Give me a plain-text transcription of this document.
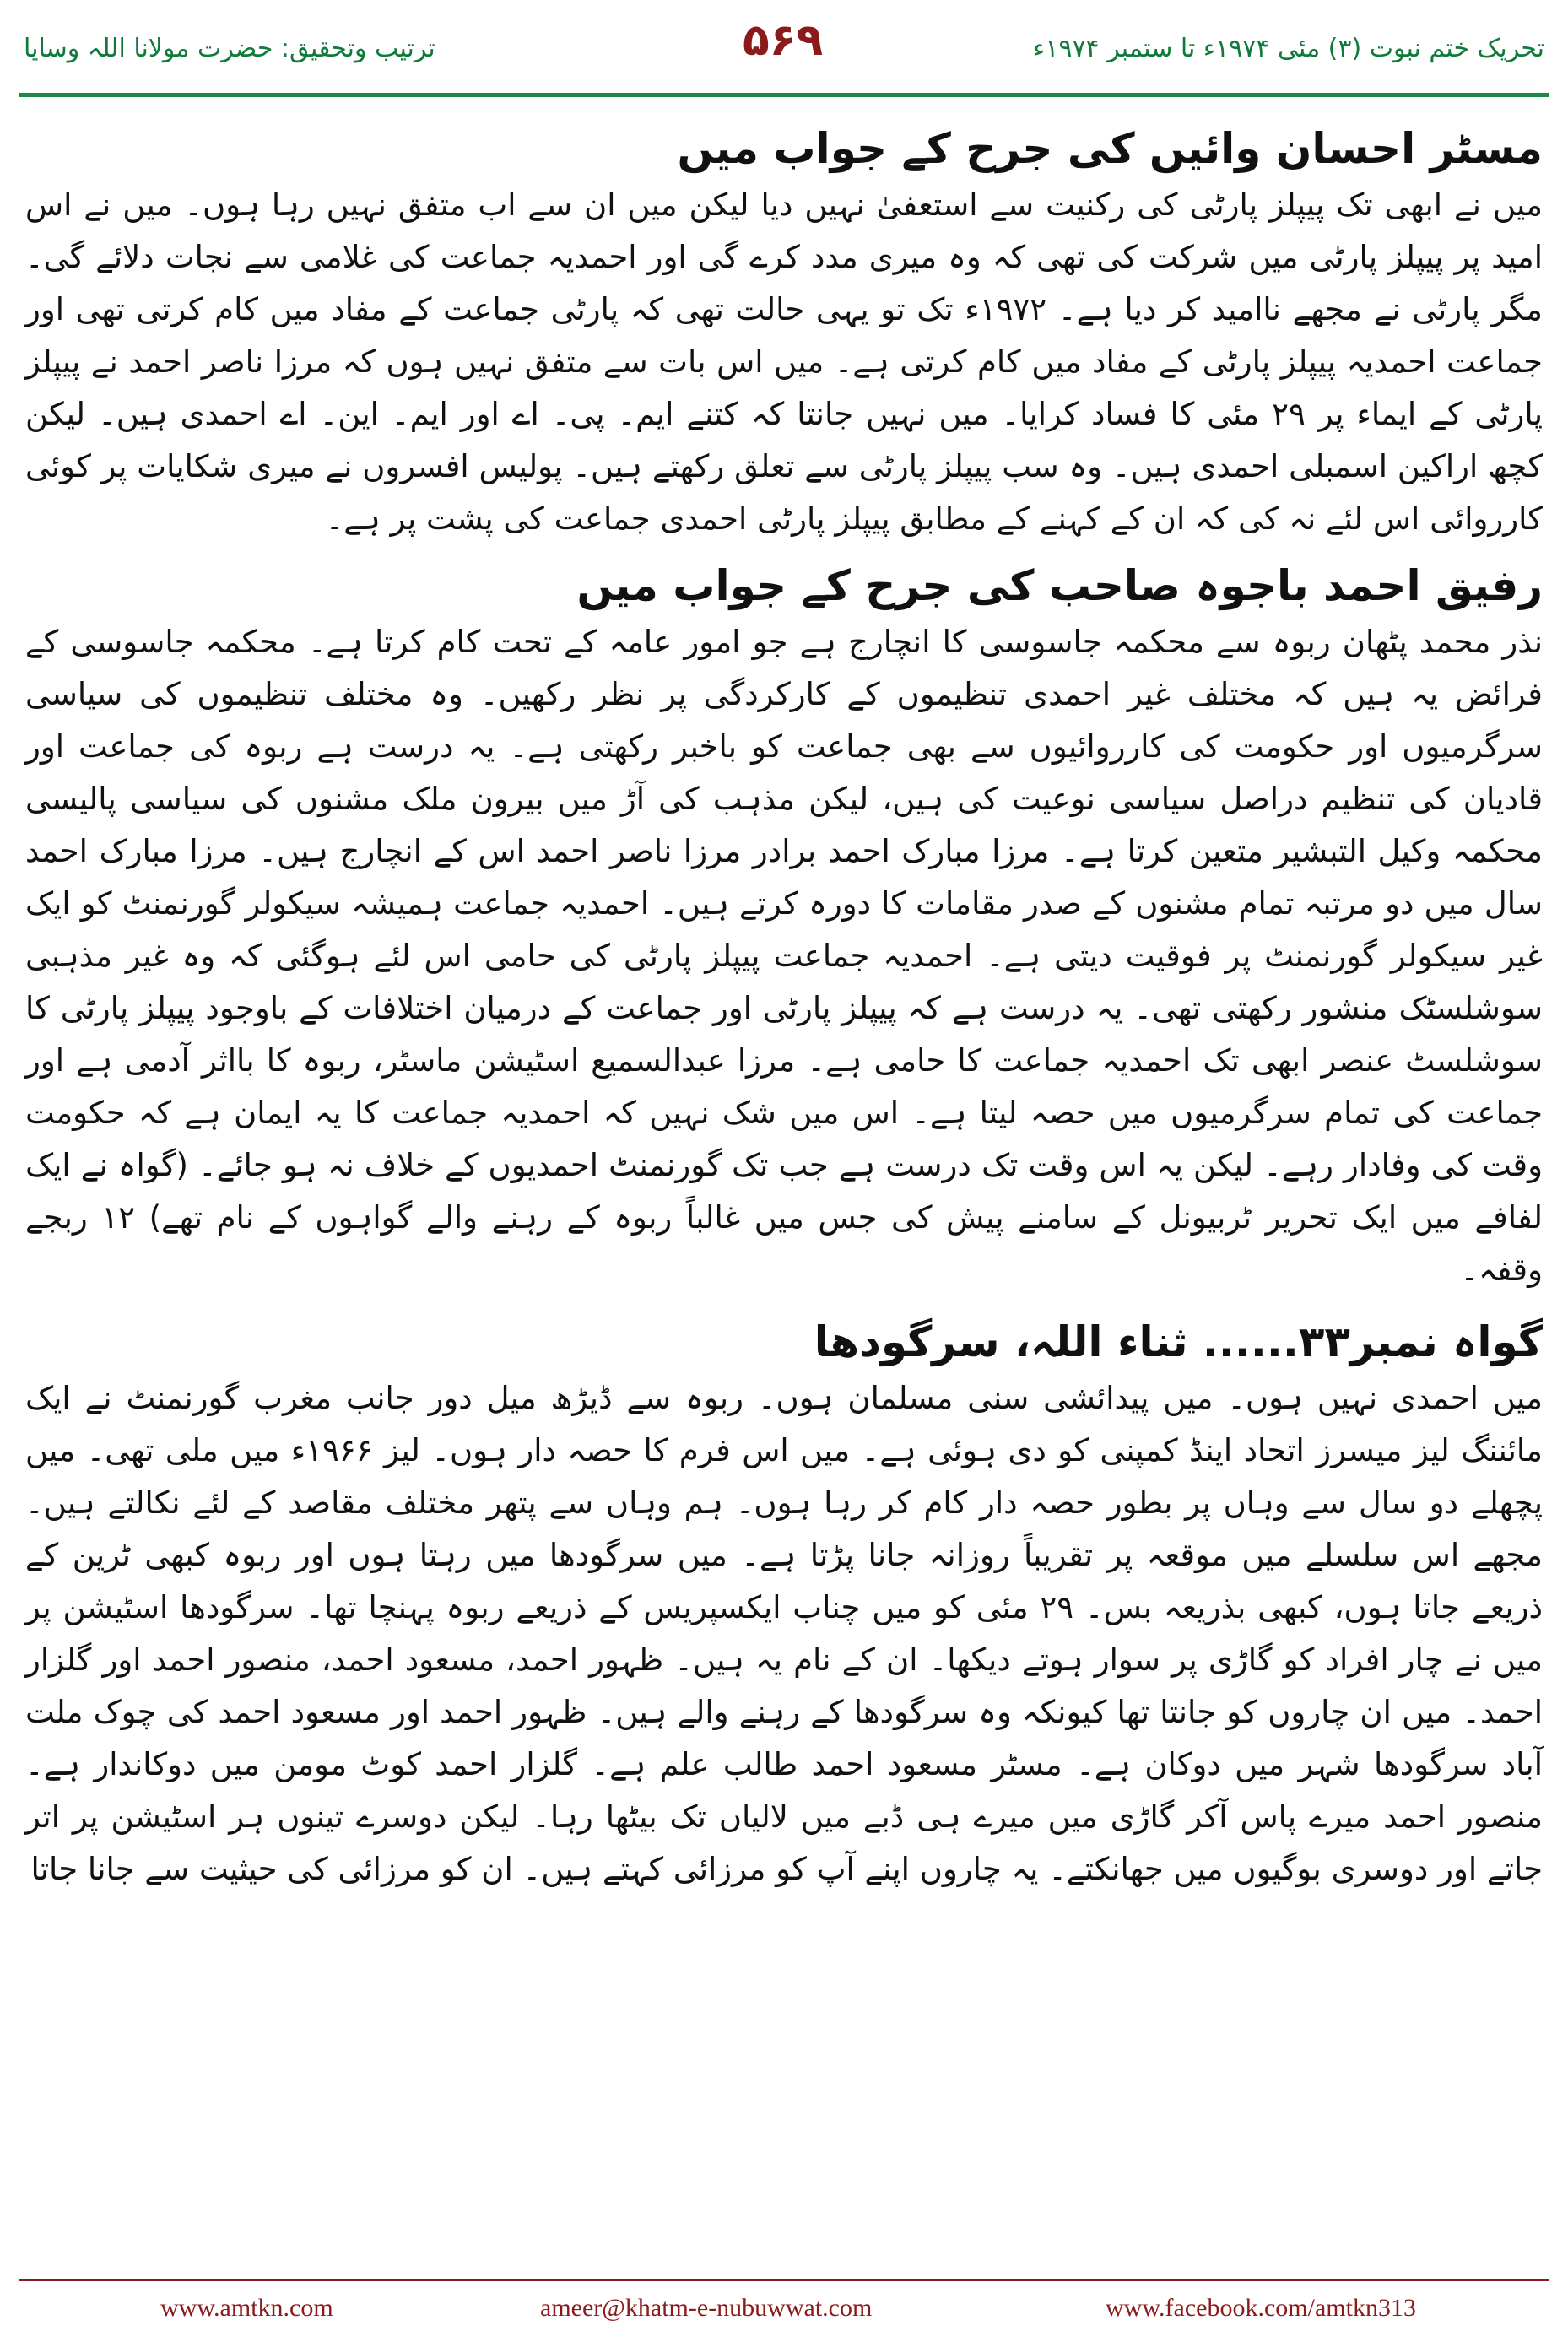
ترتیب وتحقیق: حضرت مولانا اللہ وسایا	۵۶۹	تحریک ختم نبوت (۳) مئی ۱۹۷۴ء تا ستمبر ۱۹۷۴ء
مسٹر احسان وائیں کی جرح کے جواب میں

میں نے ابھی تک پیپلز پارٹی کی رکنیت سے استعفیٰ نہیں دیا لیکن میں ان سے اب متفق نہیں رہا ہوں۔ میں نے اس امید پر پیپلز پارٹی میں شرکت کی تھی کہ وہ میری مدد کرے گی اور احمدیہ جماعت کی غلامی سے نجات دلائے گی۔ مگر پارٹی نے مجھے ناامید کر دیا ہے۔ ۱۹۷۲ء تک تو یہی حالت تھی کہ پارٹی جماعت کے مفاد میں کام کرتی تھی اور جماعت احمدیہ پیپلز پارٹی کے مفاد میں کام کرتی ہے۔ میں اس بات سے متفق نہیں ہوں کہ مرزا ناصر احمد نے پیپلز پارٹی کے ایماء پر ۲۹ مئی کا فساد کرایا۔ میں نہیں جانتا کہ کتنے ایم۔ پی۔ اے اور ایم۔ این۔ اے احمدی ہیں۔ لیکن کچھ اراکین اسمبلی احمدی ہیں۔ وہ سب پیپلز پارٹی سے تعلق رکھتے ہیں۔ پولیس افسروں نے میری شکایات پر کوئی کارروائی اس لئے نہ کی کہ ان کے کہنے کے مطابق پیپلز پارٹی احمدی جماعت کی پشت پر ہے۔

رفیق احمد باجوہ صاحب کی جرح کے جواب میں

نذر محمد پٹھان ربوہ سے محکمہ جاسوسی کا انچارج ہے جو امور عامہ کے تحت کام کرتا ہے۔ محکمہ جاسوسی کے فرائض یہ ہیں کہ مختلف غیر احمدی تنظیموں کے کارکردگی پر نظر رکھیں۔ وہ مختلف تنظیموں کی سیاسی سرگرمیوں اور حکومت کی کارروائیوں سے بھی جماعت کو باخبر رکھتی ہے۔ یہ درست ہے ربوہ کی جماعت اور قادیان کی تنظیم دراصل سیاسی نوعیت کی ہیں، لیکن مذہب کی آڑ میں بیرون ملک مشنوں کی سیاسی پالیسی محکمہ وکیل التبشیر متعین کرتا ہے۔ مرزا مبارک احمد برادر مرزا ناصر احمد اس کے انچارج ہیں۔ مرزا مبارک احمد سال میں دو مرتبہ تمام مشنوں کے صدر مقامات کا دورہ کرتے ہیں۔ احمدیہ جماعت ہمیشہ سیکولر گورنمنٹ کو ایک غیر سیکولر گورنمنٹ پر فوقیت دیتی ہے۔ احمدیہ جماعت پیپلز پارٹی کی حامی اس لئے ہوگئی کہ وہ غیر مذہبی سوشلسٹک منشور رکھتی تھی۔ یہ درست ہے کہ پیپلز پارٹی اور جماعت کے درمیان اختلافات کے باوجود پیپلز پارٹی کا سوشلسٹ عنصر ابھی تک احمدیہ جماعت کا حامی ہے۔ مرزا عبدالسمیع اسٹیشن ماسٹر، ربوہ کا بااثر آدمی ہے اور جماعت کی تمام سرگرمیوں میں حصہ لیتا ہے۔ اس میں شک نہیں کہ احمدیہ جماعت کا یہ ایمان ہے کہ حکومت وقت کی وفادار رہے۔ لیکن یہ اس وقت تک درست ہے جب تک گورنمنٹ احمدیوں کے خلاف نہ ہو جائے۔ (گواہ نے ایک لفافے میں ایک تحریر ٹربیونل کے سامنے پیش کی جس میں غالباً ربوہ کے رہنے والے گواہوں کے نام تھے) ۱۲ ربجے وقفہ۔

گواہ نمبر۳۳...... ثناء اللہ، سرگودھا

میں احمدی نہیں ہوں۔ میں پیدائشی سنی مسلمان ہوں۔ ربوہ سے ڈیڑھ میل دور جانب مغرب گورنمنٹ نے ایک مائننگ لیز میسرز اتحاد اینڈ کمپنی کو دی ہوئی ہے۔ میں اس فرم کا حصہ دار ہوں۔ لیز ۱۹۶۶ء میں ملی تھی۔ میں پچھلے دو سال سے وہاں پر بطور حصہ دار کام کر رہا ہوں۔ ہم وہاں سے پتھر مختلف مقاصد کے لئے نکالتے ہیں۔ مجھے اس سلسلے میں موقعہ پر تقریباً روزانہ جانا پڑتا ہے۔ میں سرگودھا میں رہتا ہوں اور ربوہ کبھی ٹرین کے ذریعے جاتا ہوں، کبھی بذریعہ بس۔ ۲۹ مئی کو میں چناب ایکسپریس کے ذریعے ربوہ پہنچا تھا۔ سرگودھا اسٹیشن پر میں نے چار افراد کو گاڑی پر سوار ہوتے دیکھا۔ ان کے نام یہ ہیں۔ ظہور احمد، مسعود احمد، منصور احمد اور گلزار احمد۔ میں ان چاروں کو جانتا تھا کیونکہ وہ سرگودھا کے رہنے والے ہیں۔ ظہور احمد اور مسعود احمد کی چوک ملت آباد سرگودھا شہر میں دوکان ہے۔ مسٹر مسعود احمد طالب علم ہے۔ گلزار احمد کوٹ مومن میں دوکاندار ہے۔ منصور احمد میرے پاس آکر گاڑی میں میرے ہی ڈبے میں لالیاں تک بیٹھا رہا۔ لیکن دوسرے تینوں ہر اسٹیشن پر اتر جاتے اور دوسری بوگیوں میں جھانکتے۔ یہ چاروں اپنے آپ کو مرزائی کہتے ہیں۔ ان کو مرزائی کی حیثیت سے جانا جاتا

www.amtkn.com	ameer@khatm-e-nubuwwat.com	www.facebook.com/amtkn313
